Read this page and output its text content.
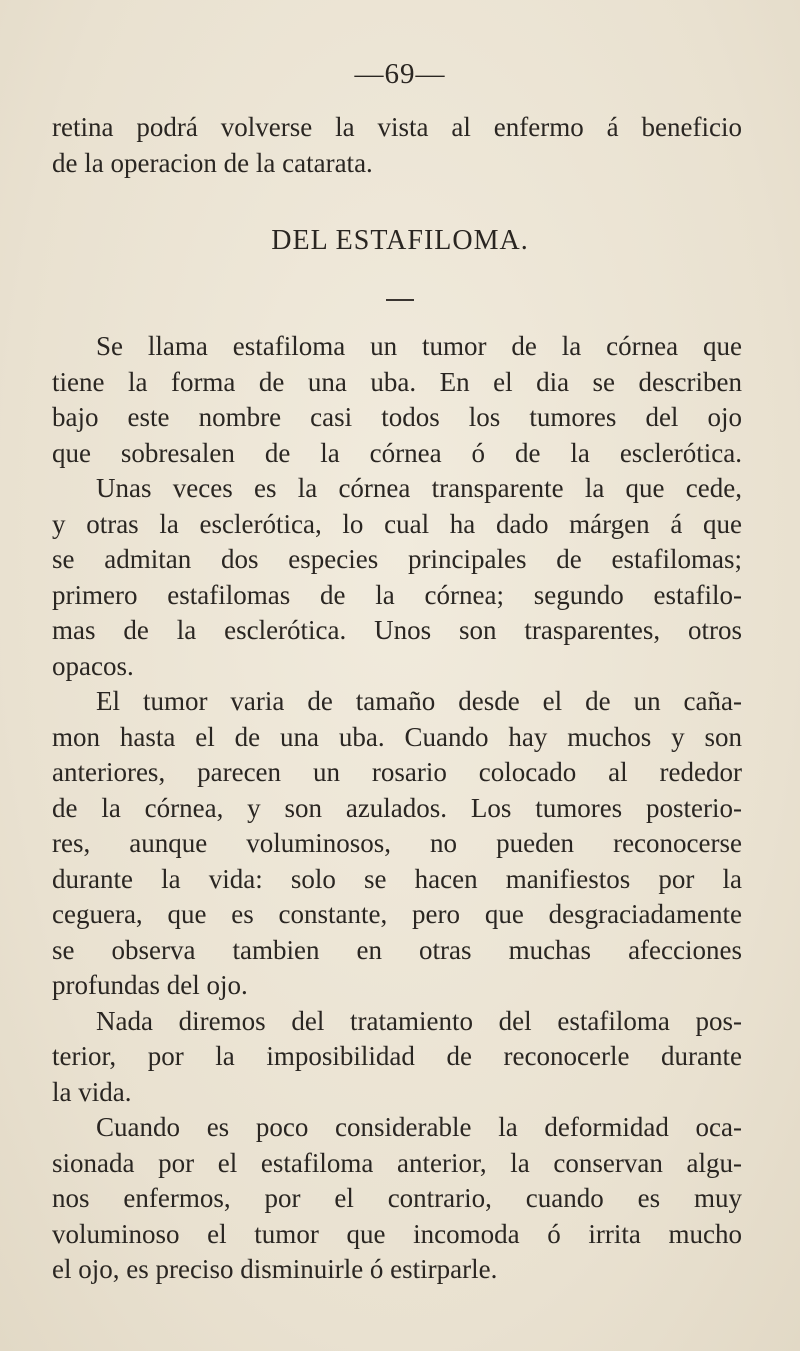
—69—
retina podrá volverse la vista al enfermo á beneficio
de la operacion de la catarata.
DEL ESTAFILOMA.

Se llama estafiloma un tumor de la córnea que
tiene la forma de una uba. En el dia se describen
bajo este nombre casi todos los tumores del ojo
que sobresalen de la córnea ó de la esclerótica.

Unas veces es la córnea transparente la que cede,
y otras la esclerótica, lo cual ha dado márgen á que
se admitan dos especies principales de estafilomas;
primero estafilomas de la córnea; segundo estafilo-
mas de la esclerótica. Unos son trasparentes, otros
opacos.

El tumor varia de tamaño desde el de un caña-
mon hasta el de una uba. Cuando hay muchos y son
anteriores, parecen un rosario colocado al rededor
de la córnea, y son azulados. Los tumores posterio-
res, aunque voluminosos, no pueden reconocerse
durante la vida: solo se hacen manifiestos por la
ceguera, que es constante, pero que desgraciadamente
se observa tambien en otras muchas afecciones
profundas del ojo.

Nada diremos del tratamiento del estafiloma pos-
terior, por la imposibilidad de reconocerle durante
la vida.

Cuando es poco considerable la deformidad oca-
sionada por el estafiloma anterior, la conservan algu-
nos enfermos, por el contrario, cuando es muy
voluminoso el tumor que incomoda ó irrita mucho
el ojo, es preciso disminuirle ó estirparle.
